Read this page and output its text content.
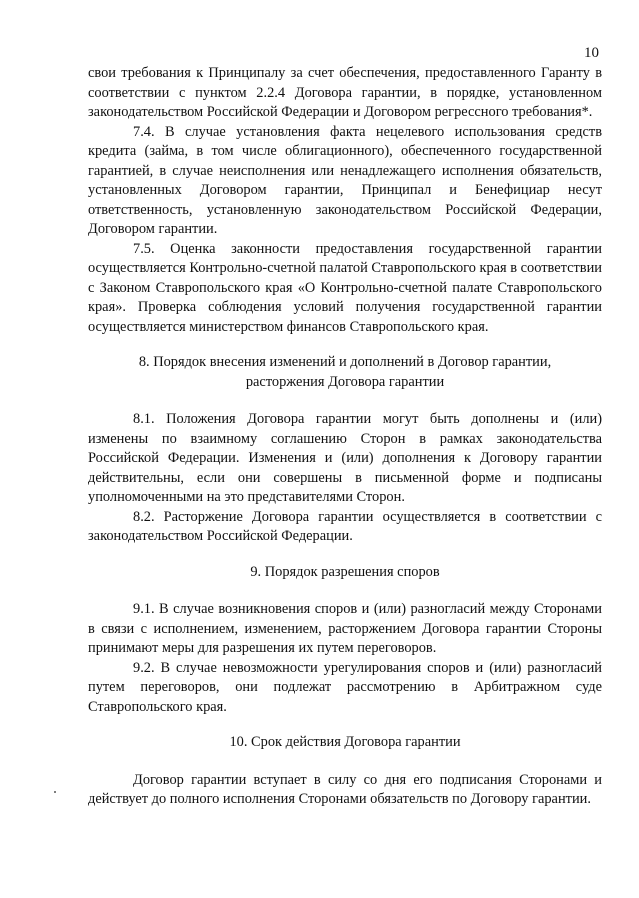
10

свои требования к Принципалу за счет обеспечения, предоставленного Гаранту в соответствии с пунктом 2.2.4 Договора гарантии, в порядке, установленном законодательством Российской Федерации и Договором регрессного требования*.

7.4. В случае установления факта нецелевого использования средств кредита (займа, в том числе облигационного), обеспеченного государственной гарантией, в случае неисполнения или ненадлежащего исполнения обязательств, установленных Договором гарантии, Принципал и Бенефициар несут ответственность, установленную законодательством Российской Федерации, Договором гарантии.

7.5. Оценка законности предоставления государственной гарантии осуществляется Контрольно-счетной палатой Ставропольского края в соответствии с Законом Ставропольского края «О Контрольно-счетной палате Ставропольского края». Проверка соблюдения условий получения государственной гарантии осуществляется министерством финансов Ставропольского края.

8. Порядок внесения изменений и дополнений в Договор гарантии,
расторжения Договора гарантии

8.1. Положения Договора гарантии могут быть дополнены и (или) изменены по взаимному соглашению Сторон в рамках законодательства Российской Федерации. Изменения и (или) дополнения к Договору гарантии действительны, если они совершены в письменной форме и подписаны уполномоченными на это представителями Сторон.

8.2. Расторжение Договора гарантии осуществляется в соответствии с законодательством Российской Федерации.

9. Порядок разрешения споров

9.1. В случае возникновения споров и (или) разногласий между Сторонами в связи с исполнением, изменением, расторжением Договора гарантии Стороны принимают меры для разрешения их путем переговоров.

9.2. В случае невозможности урегулирования споров и (или) разногласий путем переговоров, они подлежат рассмотрению в Арбитражном суде Ставропольского края.

10. Срок действия Договора гарантии

Договор гарантии вступает в силу со дня его подписания Сторонами и действует до полного исполнения Сторонами обязательств по Договору гарантии.
